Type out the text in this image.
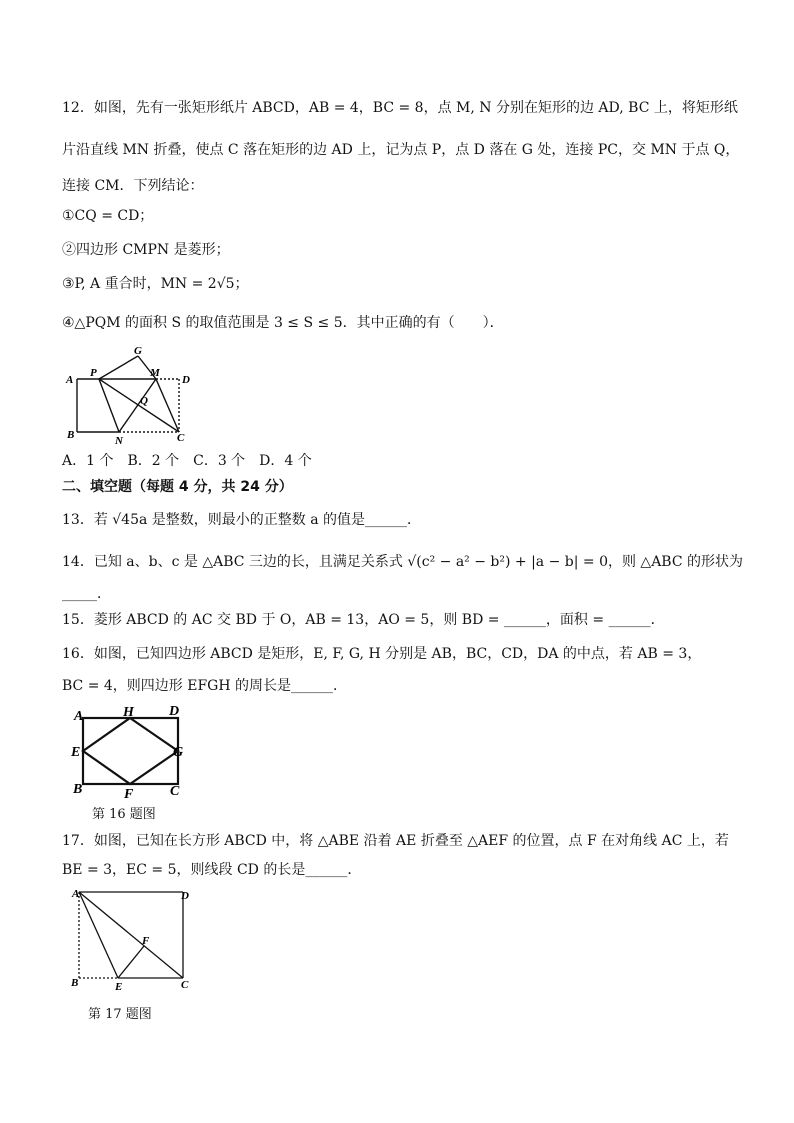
12．如图，先有一张矩形纸片 ABCD，AB = 4，BC = 8，点 M, N 分别在矩形的边 AD, BC 上，将矩形纸
片沿直线 MN 折叠，使点 C 落在矩形的边 AD 上，记为点 P，点 D 落在 G 处，连接 PC，交 MN 于点 Q，
连接 CM．下列结论：
①CQ = CD；
②四边形 CMPN 是菱形；
③P, A 重合时，MN = 2√5；
④△PQM 的面积 S 的取值范围是 3 ≤ S ≤ 5．其中正确的有（　　）．
A
P
G
M
D
Q
B	N	C
A．1 个　B．2 个　C．3 个　D．4 个
二、填空题（每题 4 分，共 24 分）
13．若 √45a 是整数，则最小的正整数 a 的值是______．
14．已知 a、b、c 是 △ABC 三边的长，且满足关系式 √(c² − a² − b²) + |a − b| = 0，则 △ABC 的形状为
_____．
15．菱形 ABCD 的 AC 交 BD 于 O，AB = 13，AO = 5，则 BD = ______，面积 = ______．
16．如图，已知四边形 ABCD 是矩形，E, F, G, H 分别是 AB，BC，CD，DA 的中点，若 AB = 3，
BC = 4，则四边形 EFGH 的周长是______．
A	H	D
E	G
B	F	C
第 16 题图
17．如图，已知在长方形 ABCD 中，将 △ABE 沿着 AE 折叠至 △AEF 的位置，点 F 在对角线 AC 上，若
BE = 3，EC = 5，则线段 CD 的长是______．
A	D
F
B	E	C
第 17 题图
